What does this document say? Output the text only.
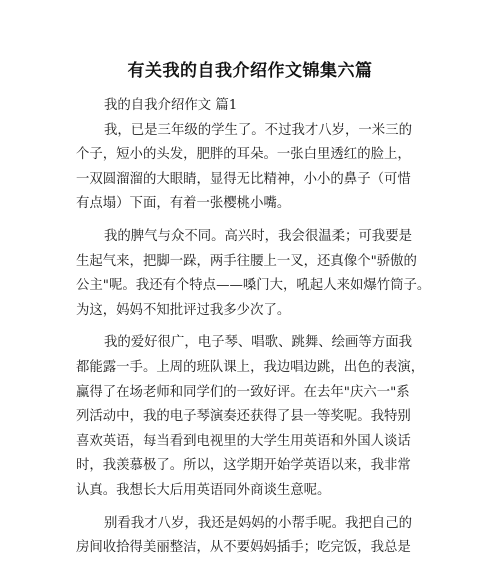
有关我的自我介绍作文锦集六篇
我的自我介绍作文 篇1
我，已是三年级的学生了。不过我才八岁，一米三的
个子，短小的头发，肥胖的耳朵。一张白里透红的脸上，
一双圆溜溜的大眼睛，显得无比精神，小小的鼻子（可惜
有点塌）下面，有着一张樱桃小嘴。
我的脾气与众不同。高兴时，我会很温柔；可我要是
生起气来，把脚一跺，两手往腰上一叉，还真像个"骄傲的
公主"呢。我还有个特点——嗓门大，吼起人来如爆竹筒子。
为这，妈妈不知批评过我多少次了。
我的爱好很广，电子琴、唱歌、跳舞、绘画等方面我
都能露一手。上周的班队课上，我边唱边跳，出色的表演，
赢得了在场老师和同学们的一致好评。在去年"庆六一"系
列活动中，我的电子琴演奏还获得了县一等奖呢。我特别
喜欢英语，每当看到电视里的大学生用英语和外国人谈话
时，我羡慕极了。所以，这学期开始学英语以来，我非常
认真。我想长大后用英语同外商谈生意呢。
别看我才八岁，我还是妈妈的小帮手呢。我把自己的
房间收拾得美丽整洁，从不要妈妈插手；吃完饭，我总是
